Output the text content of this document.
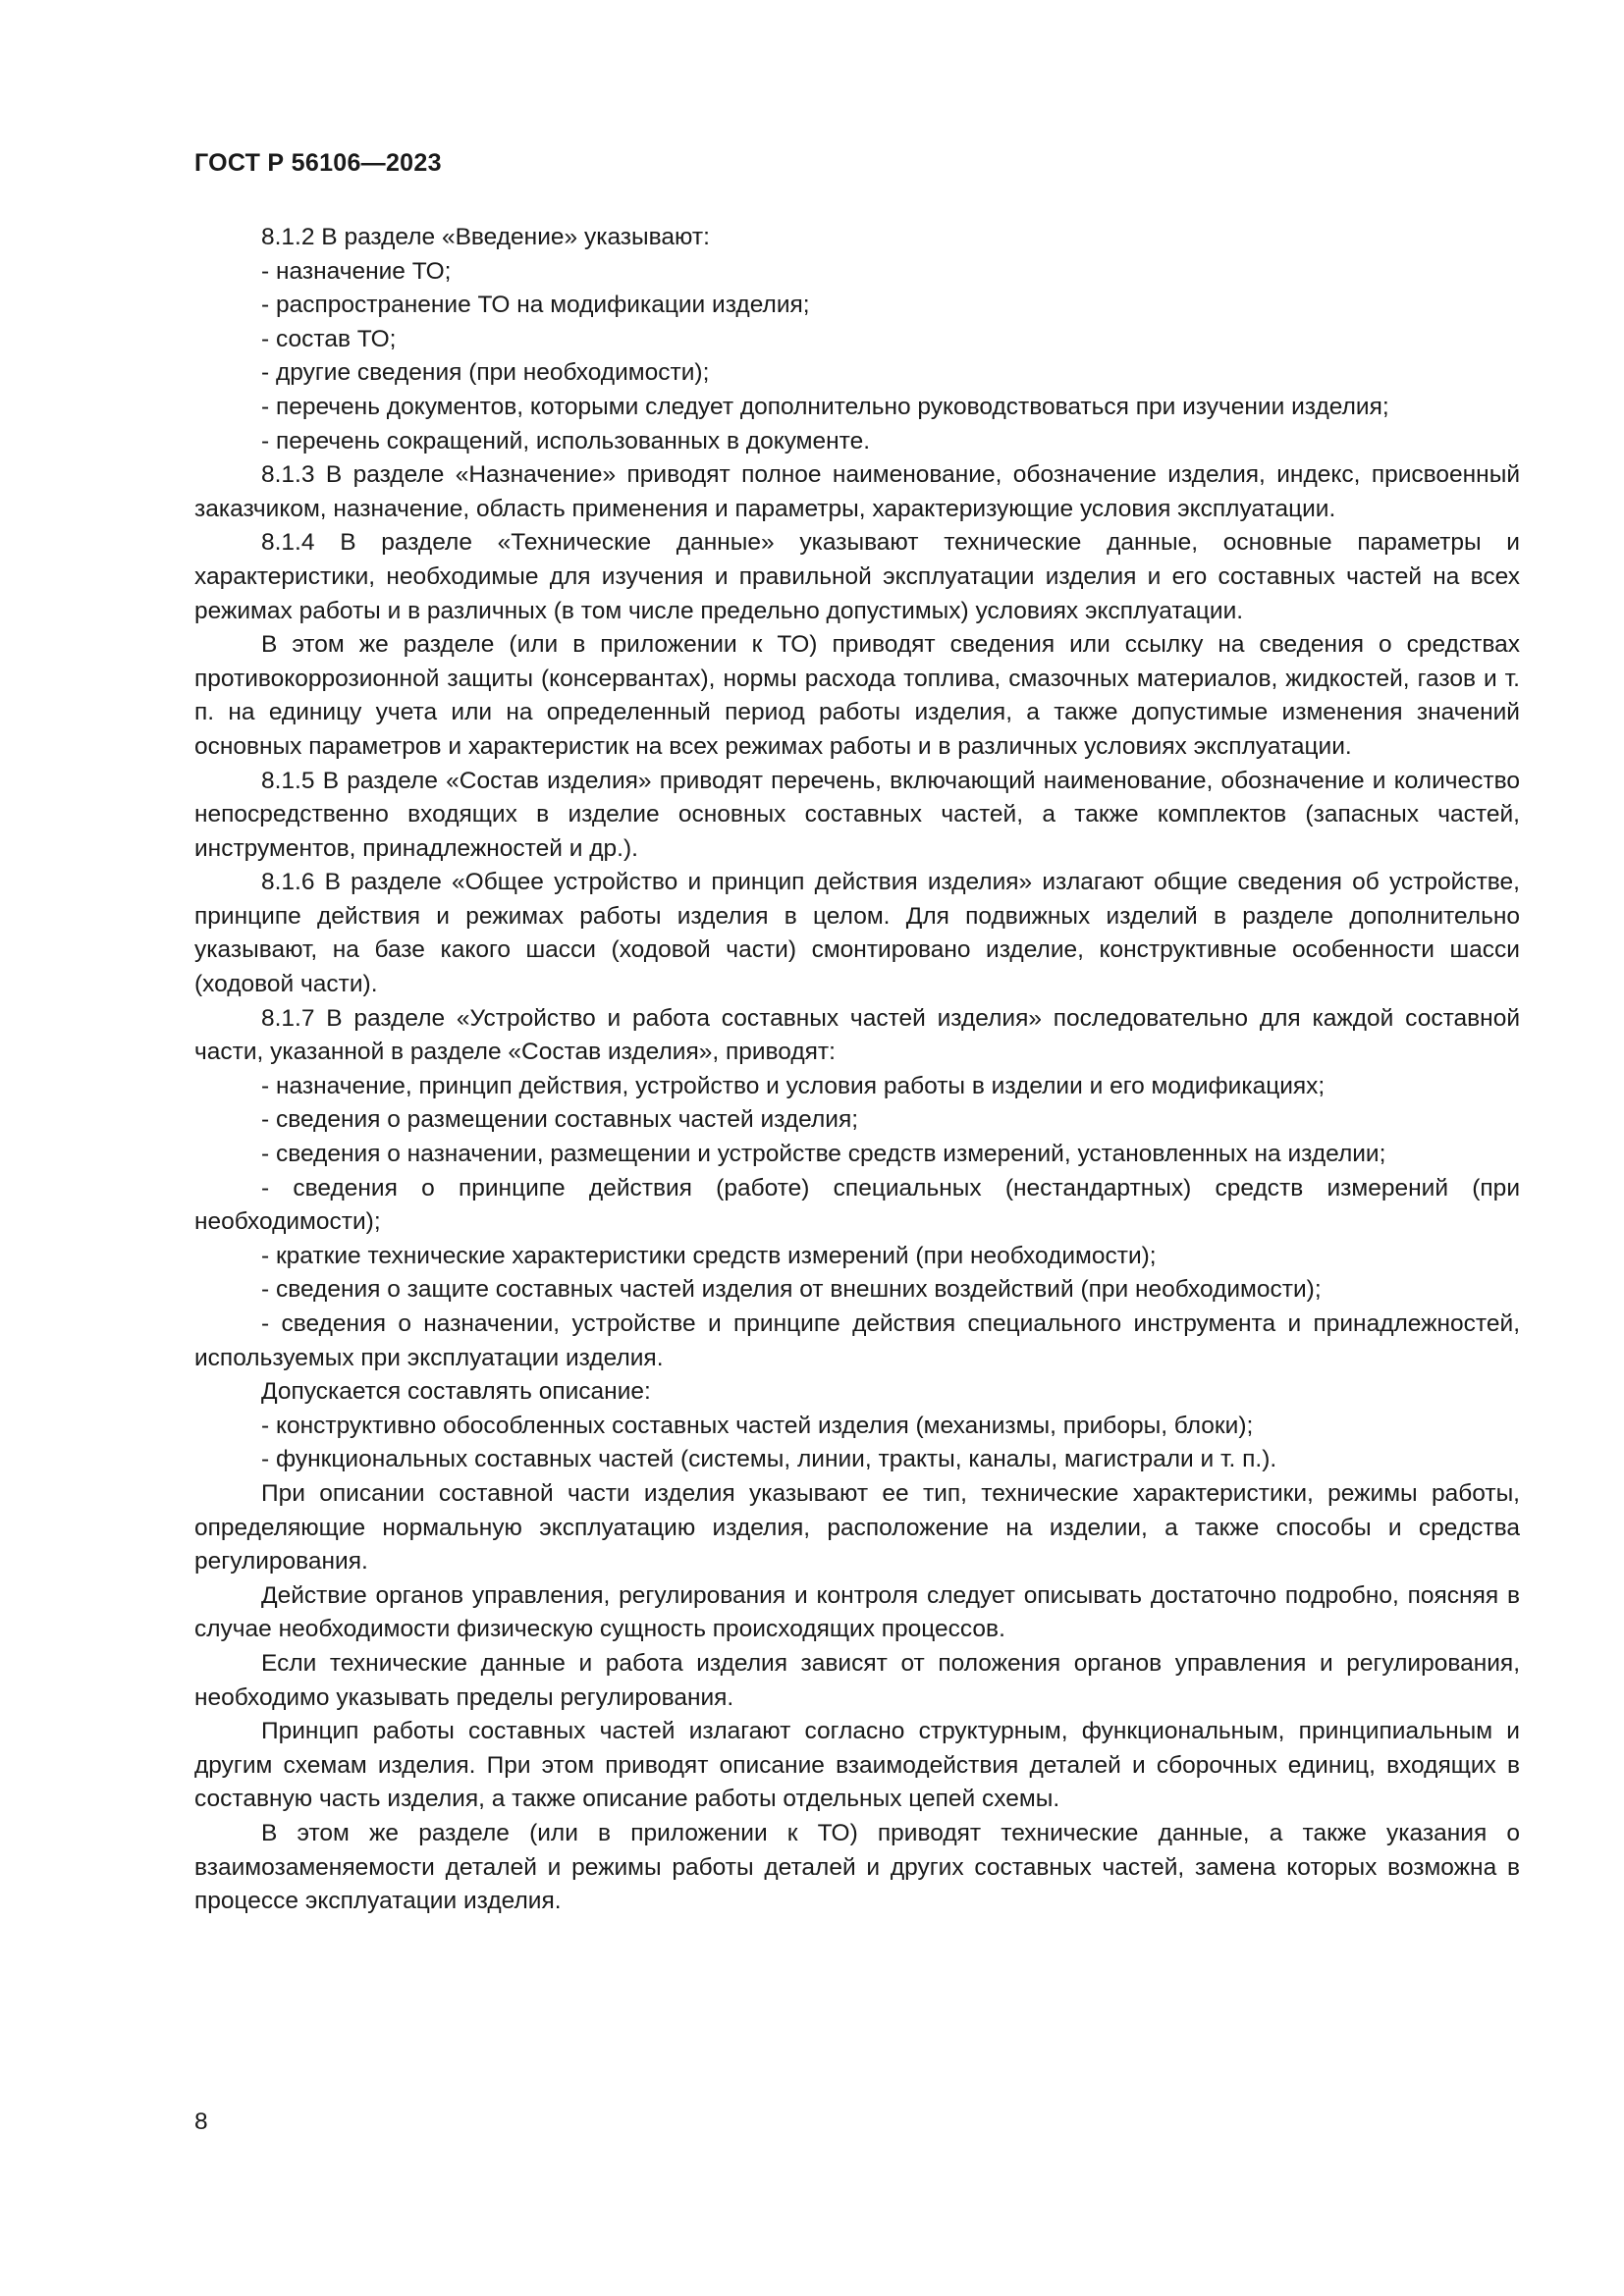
ГОСТ Р 56106—2023

8.1.2 В разделе «Введение» указывают:

- назначение ТО;

- распространение ТО на модификации изделия;

- состав ТО;

- другие сведения (при необходимости);

- перечень документов, которыми следует дополнительно руководствоваться при изучении изделия;

- перечень сокращений, использованных в документе.

8.1.3 В разделе «Назначение» приводят полное наименование, обозначение изделия, индекс, присвоенный заказчиком, назначение, область применения и параметры, характеризующие условия эксплуатации.

8.1.4 В разделе «Технические данные» указывают технические данные, основные параметры и характеристики, необходимые для изучения и правильной эксплуатации изделия и его составных частей на всех режимах работы и в различных (в том числе предельно допустимых) условиях эксплуатации.

В этом же разделе (или в приложении к ТО) приводят сведения или ссылку на сведения о средствах противокоррозионной защиты (консервантах), нормы расхода топлива, смазочных материалов, жидкостей, газов и т. п. на единицу учета или на определенный период работы изделия, а также допустимые изменения значений основных параметров и характеристик на всех режимах работы и в различных условиях эксплуатации.

8.1.5 В разделе «Состав изделия» приводят перечень, включающий наименование, обозначение и количество непосредственно входящих в изделие основных составных частей, а также комплектов (запасных частей, инструментов, принадлежностей и др.).

8.1.6 В разделе «Общее устройство и принцип действия изделия» излагают общие сведения об устройстве, принципе действия и режимах работы изделия в целом. Для подвижных изделий в разделе дополнительно указывают, на базе какого шасси (ходовой части) смонтировано изделие, конструктивные особенности шасси (ходовой части).

8.1.7 В разделе «Устройство и работа составных частей изделия» последовательно для каждой составной части, указанной в разделе «Состав изделия», приводят:

- назначение, принцип действия, устройство и условия работы в изделии и его модификациях;

- сведения о размещении составных частей изделия;

- сведения о назначении, размещении и устройстве средств измерений, установленных на изделии;

- сведения о принципе действия (работе) специальных (нестандартных) средств измерений (при необходимости);

- краткие технические характеристики средств измерений (при необходимости);

- сведения о защите составных частей изделия от внешних воздействий (при необходимости);

- сведения о назначении, устройстве и принципе действия специального инструмента и принадлежностей, используемых при эксплуатации изделия.

Допускается составлять описание:

- конструктивно обособленных составных частей изделия (механизмы, приборы, блоки);

- функциональных составных частей (системы, линии, тракты, каналы, магистрали и т. п.).

При описании составной части изделия указывают ее тип, технические характеристики, режимы работы, определяющие нормальную эксплуатацию изделия, расположение на изделии, а также способы и средства регулирования.

Действие органов управления, регулирования и контроля следует описывать достаточно подробно, поясняя в случае необходимости физическую сущность происходящих процессов.

Если технические данные и работа изделия зависят от положения органов управления и регулирования, необходимо указывать пределы регулирования.

Принцип работы составных частей излагают согласно структурным, функциональным, принципиальным и другим схемам изделия. При этом приводят описание взаимодействия деталей и сборочных единиц, входящих в составную часть изделия, а также описание работы отдельных цепей схемы.

В этом же разделе (или в приложении к ТО) приводят технические данные, а также указания о взаимозаменяемости деталей и режимы работы деталей и других составных частей, замена которых возможна в процессе эксплуатации изделия.

8
